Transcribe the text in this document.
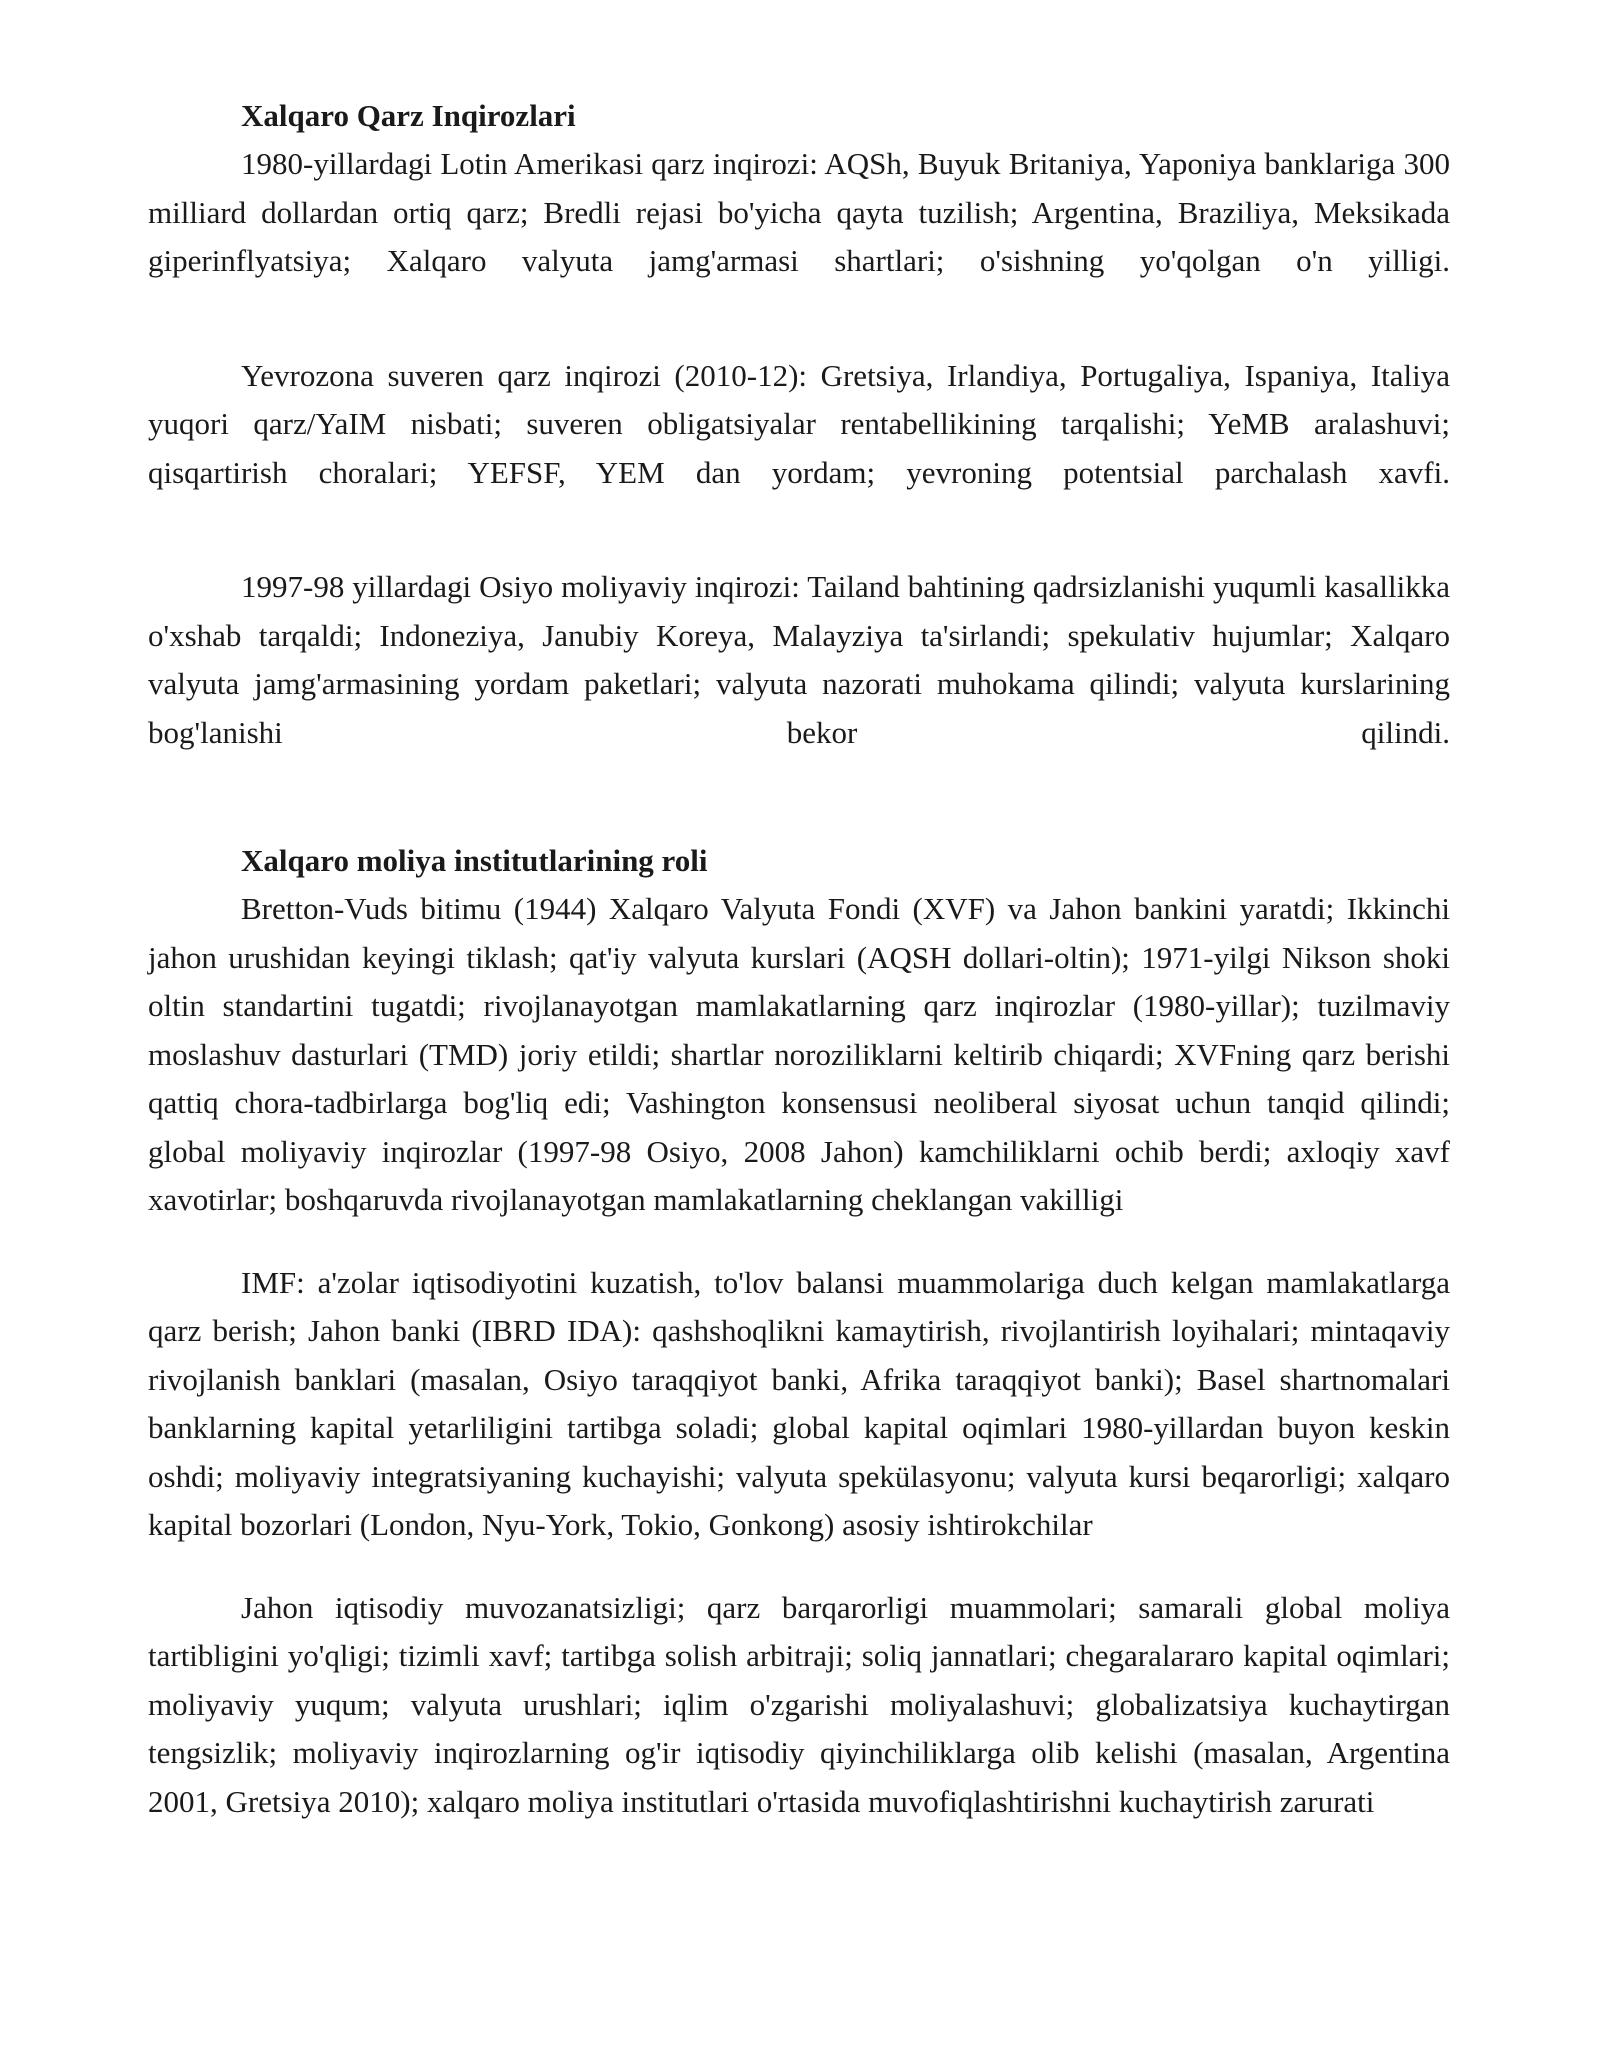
Xalqaro Qarz Inqirozlari

1980-yillardagi Lotin Amerikasi qarz inqirozi: AQSh, Buyuk Britaniya, Yaponiya banklariga 300 milliard dollardan ortiq qarz; Bredli rejasi bo'yicha qayta tuzilish; Argentina, Braziliya, Meksikada giperinflyatsiya; Xalqaro valyuta jamg'armasi shartlari; o'sishning yo'qolgan o'n yilligi.

Yevrozona suveren qarz inqirozi (2010-12): Gretsiya, Irlandiya, Portugaliya, Ispaniya, Italiya yuqori qarz/YaIM nisbati; suveren obligatsiyalar rentabellikining tarqalishi; YeMB aralashuvi; qisqartirish choralari; YEFSF, YEM dan yordam; yevroning potentsial parchalash xavfi.

1997-98 yillardagi Osiyo moliyaviy inqirozi: Tailand bahtining qadrsizlanishi yuqumli kasallikka o'xshab tarqaldi; Indoneziya, Janubiy Koreya, Malayziya ta'sirlandi; spekulativ hujumlar; Xalqaro valyuta jamg'armasining yordam paketlari; valyuta nazorati muhokama qilindi; valyuta kurslarining bog'lanishi bekor qilindi.

Xalqaro moliya institutlarining roli

Bretton-Vuds bitimu (1944) Xalqaro Valyuta Fondi (XVF) va Jahon bankini yaratdi; Ikkinchi jahon urushidan keyingi tiklash; qat'iy valyuta kurslari (AQSH dollari-oltin); 1971-yilgi Nikson shoki oltin standartini tugatdi; rivojlanayotgan mamlakatlarning qarz inqirozlar (1980-yillar); tuzilmaviy moslashuv dasturlari (TMD) joriy etildi; shartlar noroziliklarni keltirib chiqardi; XVFning qarz berishi qattiq chora-tadbirlarga bog'liq edi; Vashington konsensusi neoliberal siyosat uchun tanqid qilindi; global moliyaviy inqirozlar (1997-98 Osiyo, 2008 Jahon) kamchiliklarni ochib berdi; axloqiy xavf xavotirlar; boshqaruvda rivojlanayotgan mamlakatlarning cheklangan vakilligi

IMF: a'zolar iqtisodiyotini kuzatish, to'lov balansi muammolariga duch kelgan mamlakatlarga qarz berish; Jahon banki (IBRD IDA): qashshoqlikni kamaytirish, rivojlantirish loyihalari; mintaqaviy rivojlanish banklari (masalan, Osiyo taraqqiyot banki, Afrika taraqqiyot banki); Basel shartnomalari banklarning kapital yetarliligini tartibga soladi; global kapital oqimlari 1980-yillardan buyon keskin oshdi; moliyaviy integratsiyaning kuchayishi; valyuta spekülasyonu; valyuta kursi beqarorligi; xalqaro kapital bozorlari (London, Nyu-York, Tokio, Gonkong) asosiy ishtirokchilar

Jahon iqtisodiy muvozanatsizligi; qarz barqarorligi muammolari; samarali global moliya tartibligini yo'qligi; tizimli xavf; tartibga solish arbitraji; soliq jannatlari; chegaralararo kapital oqimlari; moliyaviy yuqum; valyuta urushlari; iqlim o'zgarishi moliyalashuvi; globalizatsiya kuchaytirgan tengsizlik; moliyaviy inqirozlarning og'ir iqtisodiy qiyinchiliklarga olib kelishi (masalan, Argentina 2001, Gretsiya 2010); xalqaro moliya institutlari o'rtasida muvofiqlashtirishni kuchaytirish zarurati
